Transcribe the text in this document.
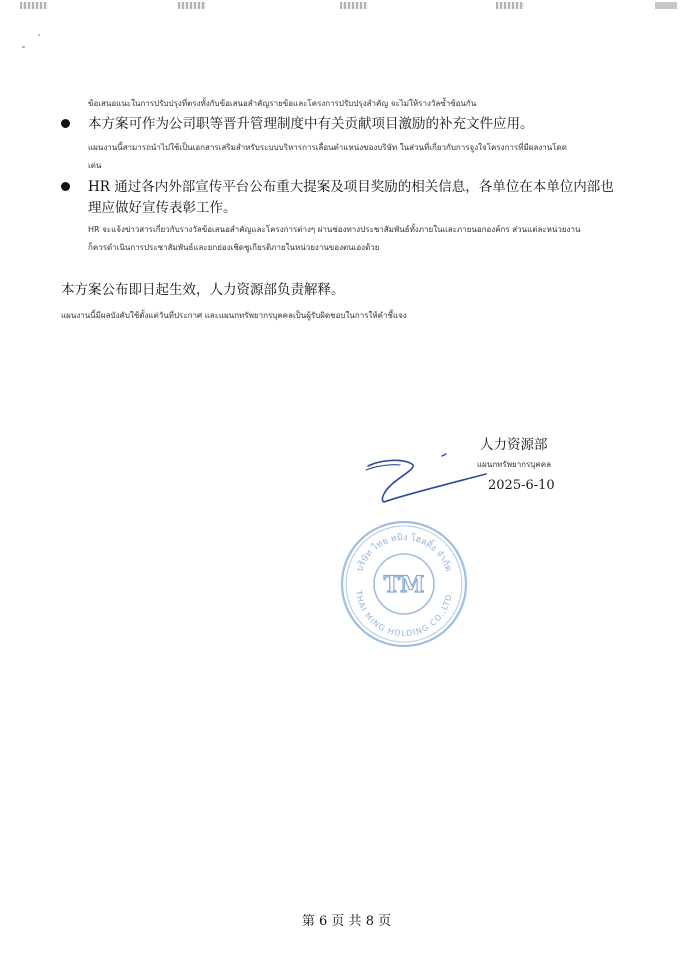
ข้อเสนอแนะในการปรับปรุงที่ตรงทั้งกับข้อเสนอสำคัญรายข้อและโครงการปรับปรุงสำคัญ จะไม่ให้รางวัลซ้ำซ้อนกัน
本方案可作为公司职等晋升管理制度中有关贡献项目激励的补充文件应用。
แผนงานนี้สามารถนำไปใช้เป็นเอกสารเสริมสำหรับระบบบริหารการเลื่อนตำแหน่งของบริษัท ในส่วนที่เกี่ยวกับการจูงใจโครงการที่มีผลงานโดด
เด่น
HR 通过各内外部宣传平台公布重大提案及项目奖励的相关信息，各单位在本单位内部也
理应做好宣传表彰工作。
HR จะแจ้งข่าวสารเกี่ยวกับรางวัลข้อเสนอสำคัญและโครงการต่างๆ ผ่านช่องทางประชาสัมพันธ์ทั้งภายในและภายนอกองค์กร ส่วนแต่ละหน่วยงาน
ก็ควรดำเนินการประชาสัมพันธ์และยกย่องเชิดชูเกียรติภายในหน่วยงานของตนเองด้วย
本方案公布即日起生效，人力资源部负责解释。
แผนงานนี้มีผลบังคับใช้ตั้งแต่วันที่ประกาศ และแผนกทรัพยากรบุคคลเป็นผู้รับผิดชอบในการให้คำชี้แจง
人力资源部
แผนกทรัพยากรบุคคล
2025-6-10
บริษัท ไทย หมิง โฮลดิ้ง จำกัด
THAI MING HOLDING CO.,LTD.
TM
第 6 页 共 8 页
